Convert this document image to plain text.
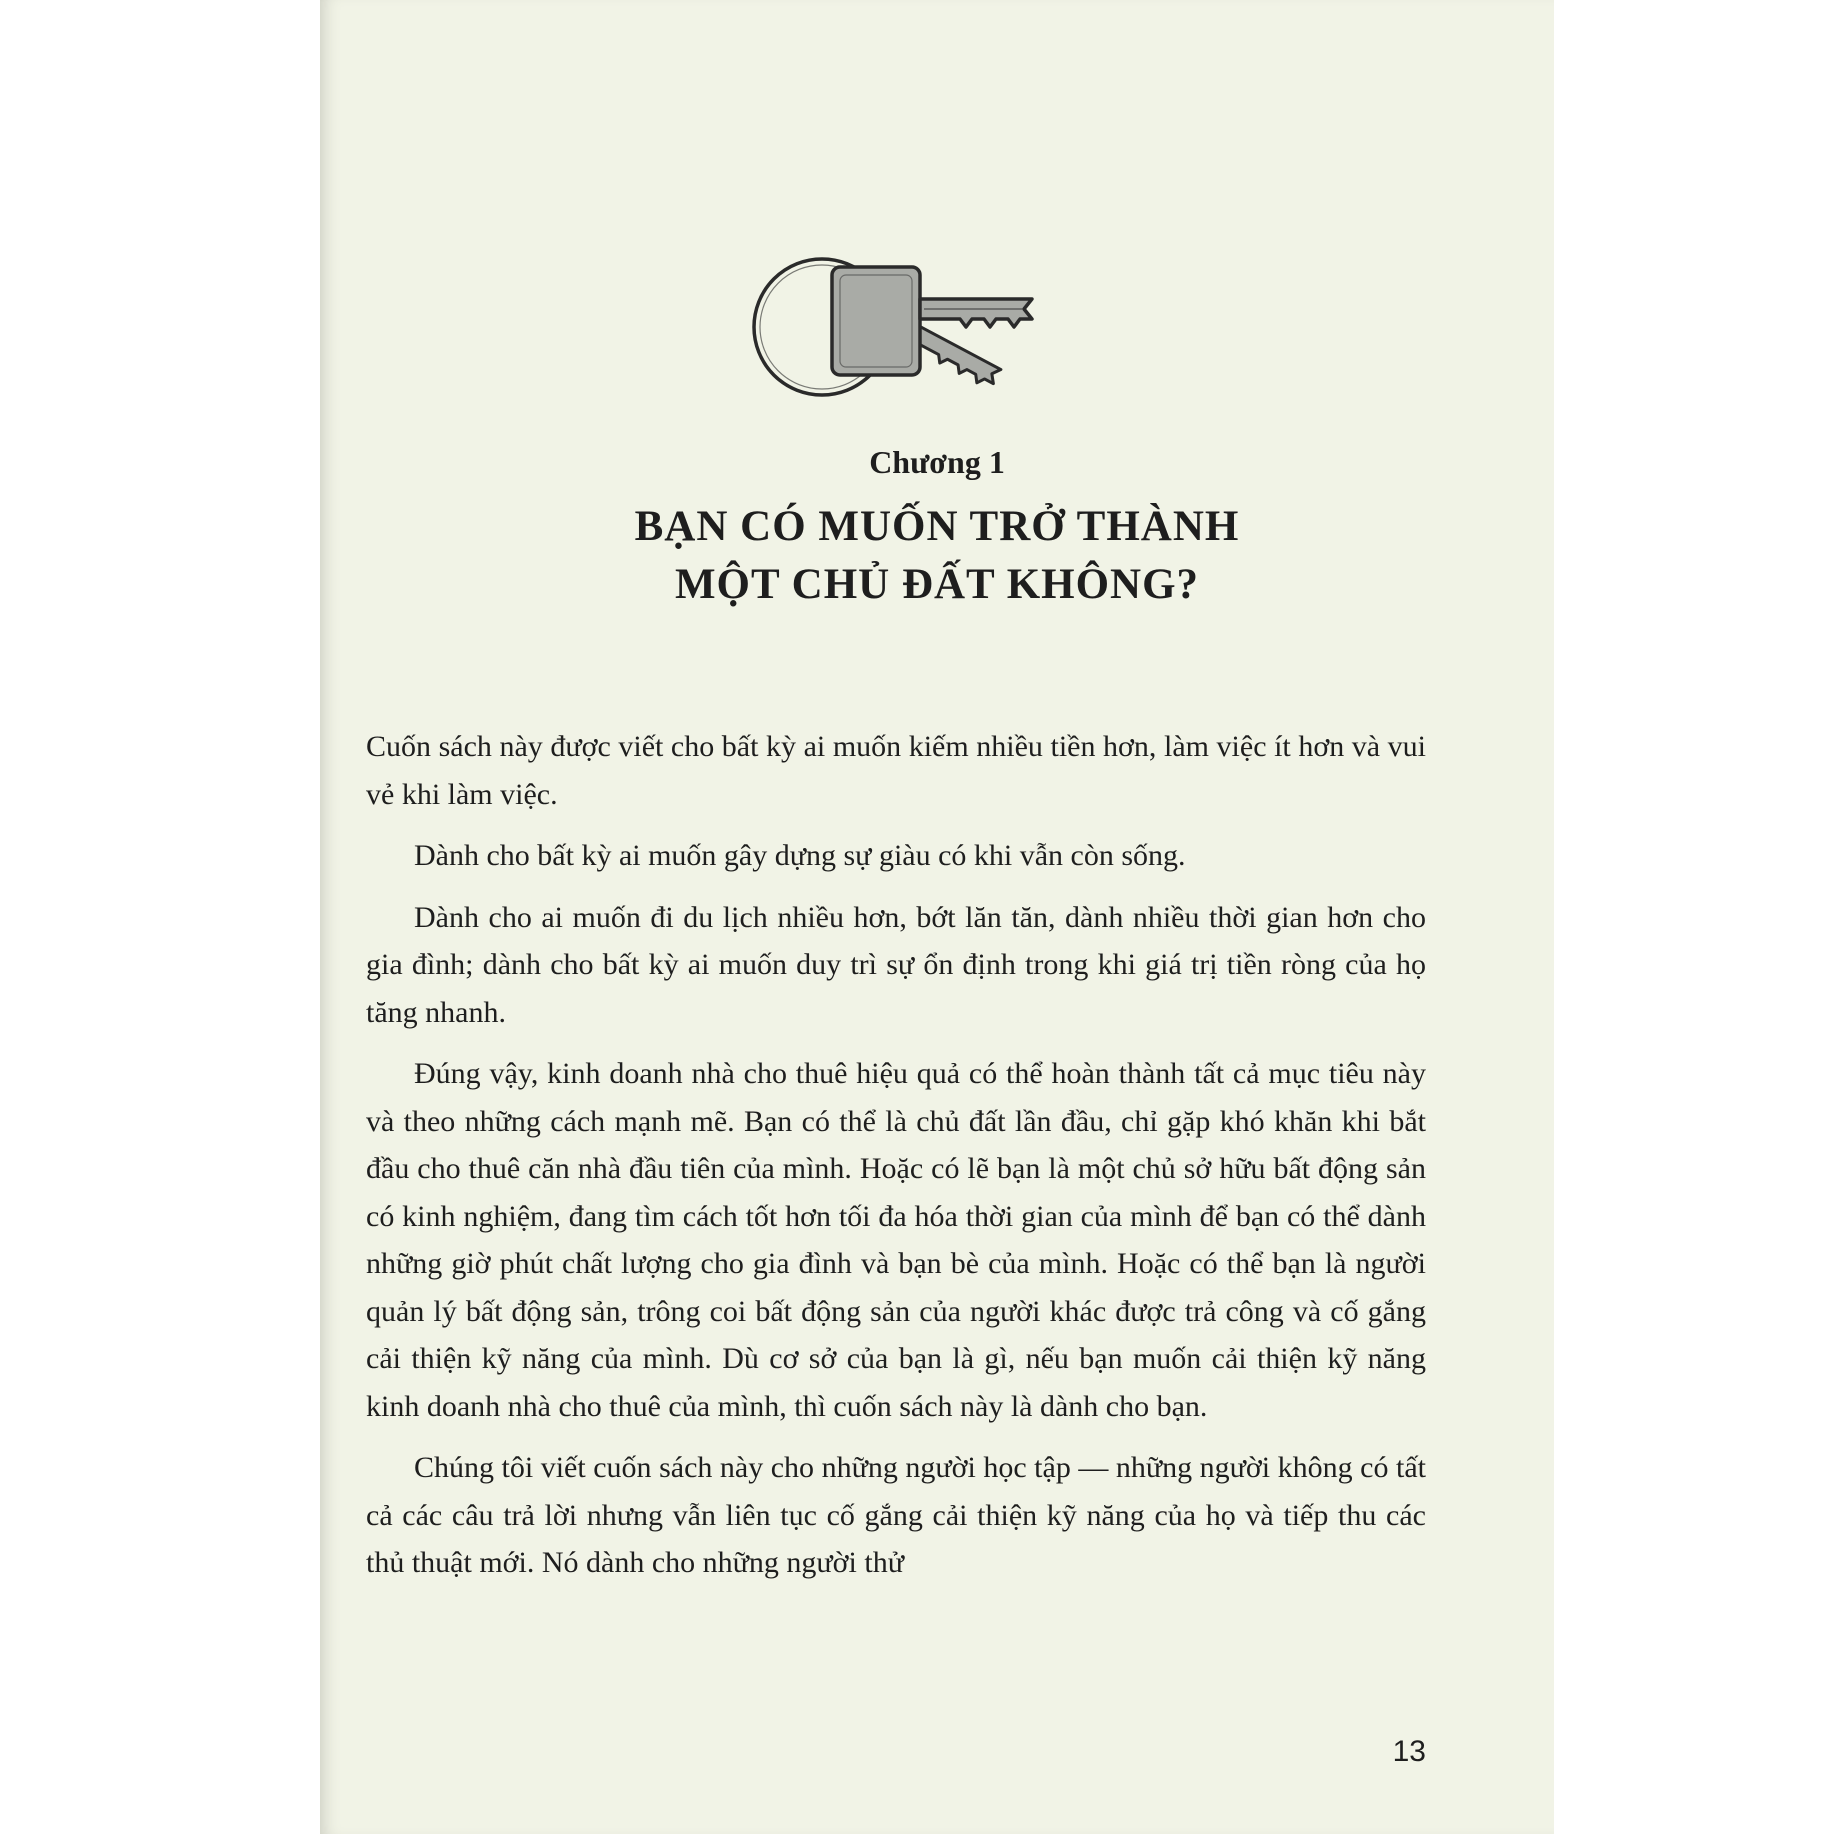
Chương 1
BẠN CÓ MUỐN TRỞ THÀNH
MỘT CHỦ ĐẤT KHÔNG?

Cuốn sách này được viết cho bất kỳ ai muốn kiếm nhiều tiền hơn, làm việc ít hơn và vui vẻ khi làm việc.

Dành cho bất kỳ ai muốn gây dựng sự giàu có khi vẫn còn sống.

Dành cho ai muốn đi du lịch nhiều hơn, bớt lăn tăn, dành nhiều thời gian hơn cho gia đình; dành cho bất kỳ ai muốn duy trì sự ổn định trong khi giá trị tiền ròng của họ tăng nhanh.

Đúng vậy, kinh doanh nhà cho thuê hiệu quả có thể hoàn thành tất cả mục tiêu này và theo những cách mạnh mẽ. Bạn có thể là chủ đất lần đầu, chỉ gặp khó khăn khi bắt đầu cho thuê căn nhà đầu tiên của mình. Hoặc có lẽ bạn là một chủ sở hữu bất động sản có kinh nghiệm, đang tìm cách tốt hơn tối đa hóa thời gian của mình để bạn có thể dành những giờ phút chất lượng cho gia đình và bạn bè của mình. Hoặc có thể bạn là người quản lý bất động sản, trông coi bất động sản của người khác được trả công và cố gắng cải thiện kỹ năng của mình. Dù cơ sở của bạn là gì, nếu bạn muốn cải thiện kỹ năng kinh doanh nhà cho thuê của mình, thì cuốn sách này là dành cho bạn.

Chúng tôi viết cuốn sách này cho những người học tập — những người không có tất cả các câu trả lời nhưng vẫn liên tục cố gắng cải thiện kỹ năng của họ và tiếp thu các thủ thuật mới. Nó dành cho những người thử

13
